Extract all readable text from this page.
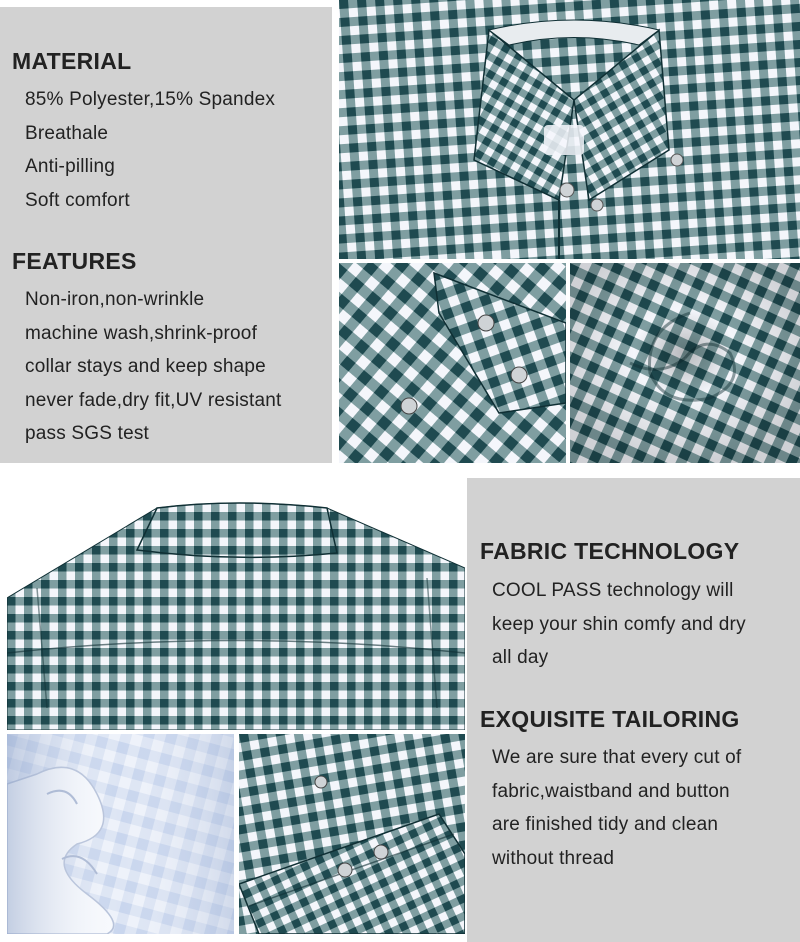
MATERIAL
85% Polyester,15% Spandex
Breathale
Anti-pilling
Soft comfort
FEATURES
Non-iron,non-wrinkle
machine wash,shrink-proof
collar stays and keep shape
never fade,dry fit,UV resistant
pass SGS test
FABRIC TECHNOLOGY
COOL PASS technology will
keep your shin comfy and dry
all day
EXQUISITE TAILORING
We are sure that every cut of
fabric,waistband and button
are finished tidy and clean
without thread
